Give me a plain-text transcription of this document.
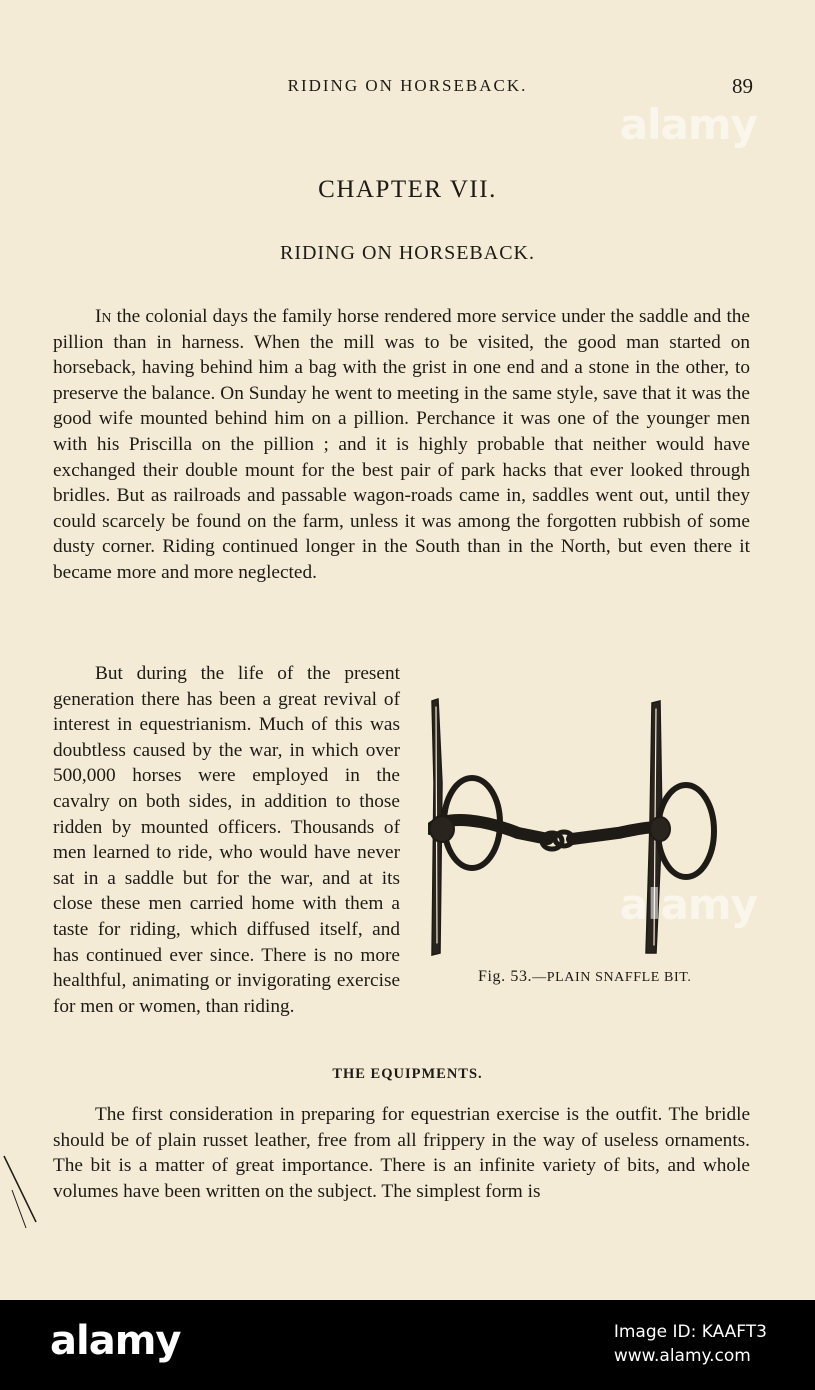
RIDING ON HORSEBACK.	89
alamy
CHAPTER VII.
RIDING ON HORSEBACK.

In the colonial days the family horse rendered more service under the saddle and the pillion than in harness. When the mill was to be visited, the good man started on horseback, having behind him a bag with the grist in one end and a stone in the other, to preserve the balance. On Sunday he went to meeting in the same style, save that it was the good wife mounted behind him on a pillion. Perchance it was one of the younger men with his Priscilla on the pillion ; and it is highly probable that neither would have exchanged their double mount for the best pair of park hacks that ever looked through bridles. But as railroads and passable wagon-roads came in, saddles went out, until they could scarcely be found on the farm, unless it was among the forgotten rubbish of some dusty corner. Riding continued longer in the South than in the North, but even there it became more and more neglected.

Fig. 53.—PLAIN SNAFFLE BIT.
But during the life of the present generation there has been a great revival of interest in equestrianism. Much of this was doubtless caused by the war, in which over 500,000 horses were employed in the cavalry on both sides, in addition to those ridden by mounted officers. Thousands of men learned to ride, who would have never sat in a saddle but for the war, and at its close these men carried home with them a taste for riding, which diffused itself, and has continued ever since. There is no more healthful, animating or invigorating exercise for men or women, than riding.

alamy
THE EQUIPMENTS.

The first consideration in preparing for equestrian exercise is the outfit. The bridle should be of plain russet leather, free from all frippery in the way of useless ornaments. The bit is a matter of great importance. There is an infinite variety of bits, and whole volumes have been written on the subject. The simplest form is

alamy	Image ID: KAAFT3
www.alamy.com
